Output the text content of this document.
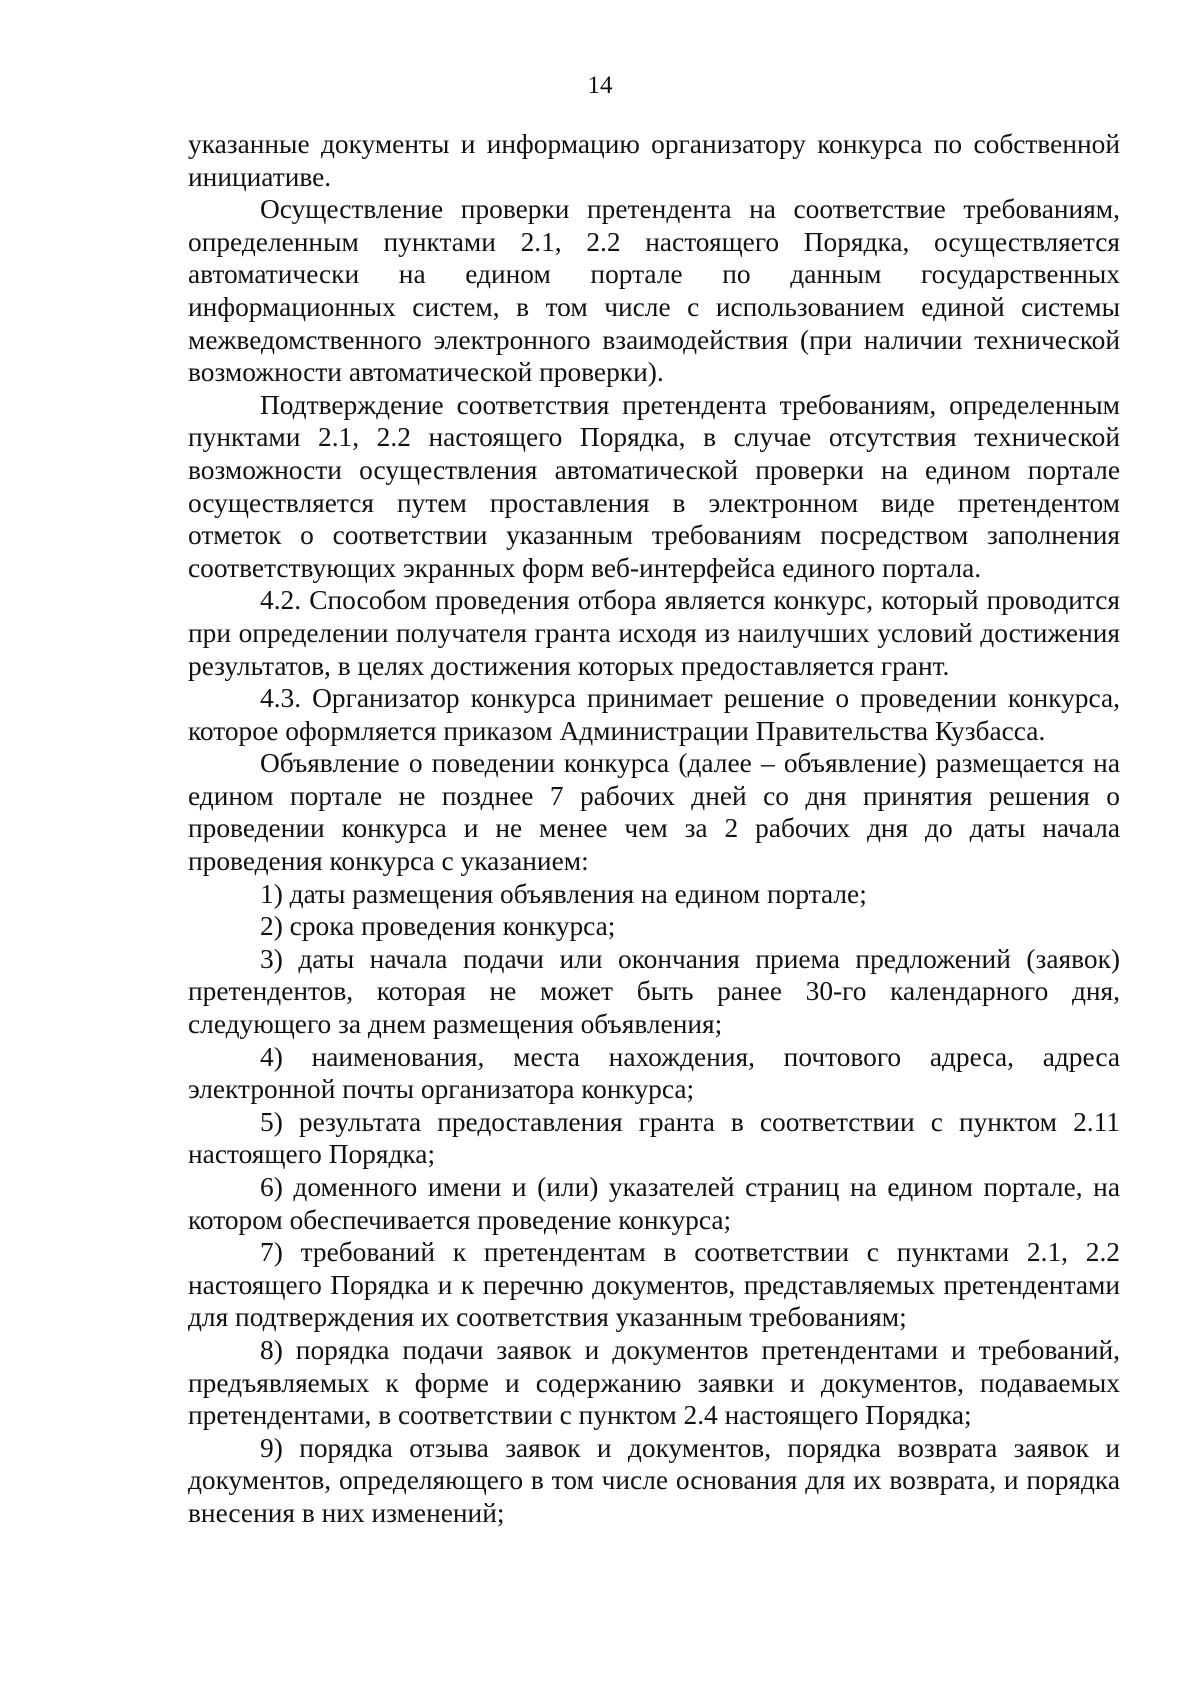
14

указанные документы и информацию организатору конкурса по собственной инициативе.

Осуществление проверки претендента на соответствие требованиям, определенным пунктами 2.1, 2.2 настоящего Порядка, осуществляется автоматически на едином портале по данным государственных информационных систем, в том числе с использованием единой системы межведомственного электронного взаимодействия (при наличии технической возможности автоматической проверки).

Подтверждение соответствия претендента требованиям, определенным пунктами 2.1, 2.2 настоящего Порядка, в случае отсутствия технической возможности осуществления автоматической проверки на едином портале осуществляется путем проставления в электронном виде претендентом отметок о соответствии указанным требованиям посредством заполнения соответствующих экранных форм веб-интерфейса единого портала.

4.2. Способом проведения отбора является конкурс, который проводится при определении получателя гранта исходя из наилучших условий достижения результатов, в целях достижения которых предоставляется грант.

4.3. Организатор конкурса принимает решение о проведении конкурса, которое оформляется приказом Администрации Правительства Кузбасса.

Объявление о поведении конкурса (далее – объявление) размещается на едином портале не позднее 7 рабочих дней со дня принятия решения о проведении конкурса и не менее чем за 2 рабочих дня до даты начала проведения конкурса с указанием:

1) даты размещения объявления на едином портале;

2) срока проведения конкурса;

3) даты начала подачи или окончания приема предложений (заявок) претендентов, которая не может быть ранее 30-го календарного дня, следующего за днем размещения объявления;

4) наименования, места нахождения, почтового адреса, адреса электронной почты организатора конкурса;

5) результата предоставления гранта в соответствии с пунктом 2.11 настоящего Порядка;

6) доменного имени и (или) указателей страниц на едином портале, на котором обеспечивается проведение конкурса;

7) требований к претендентам в соответствии с пунктами 2.1, 2.2 настоящего Порядка и к перечню документов, представляемых претендентами для подтверждения их соответствия указанным требованиям;

8) порядка подачи заявок и документов претендентами и требований, предъявляемых к форме и содержанию заявки и документов, подаваемых претендентами, в соответствии с пунктом 2.4 настоящего Порядка;

9) порядка отзыва заявок и документов, порядка возврата заявок и документов, определяющего в том числе основания для их возврата, и порядка внесения в них изменений;
